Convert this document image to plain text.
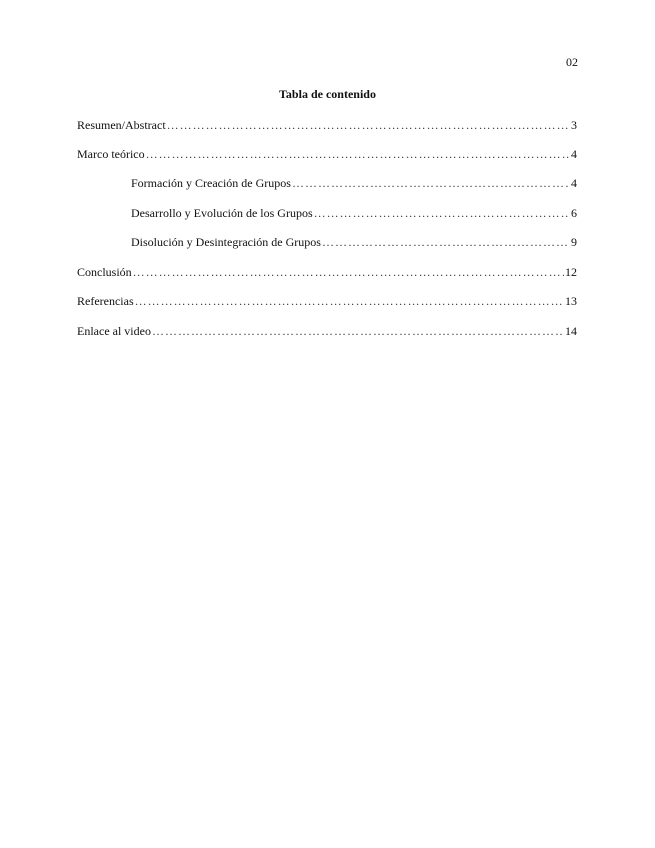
02
Tabla de contenido
Resumen/Abstract …………………………………………………………………………………………………………………………………………………………	3
Marco teórico …………………………………………………………………………………………………………………………………………………………	4
Formación y Creación de Grupos …………………………………………………………………………………………………………………………………………………………	4
Desarrollo y Evolución de los Grupos …………………………………………………………………………………………………………………………………………………………	6
Disolución y Desintegración de Grupos …………………………………………………………………………………………………………………………………………………………	9
Conclusión …………………………………………………………………………………………………………………………………………………………	12
Referencias …………………………………………………………………………………………………………………………………………………………	13
Enlace al video …………………………………………………………………………………………………………………………………………………………	14
